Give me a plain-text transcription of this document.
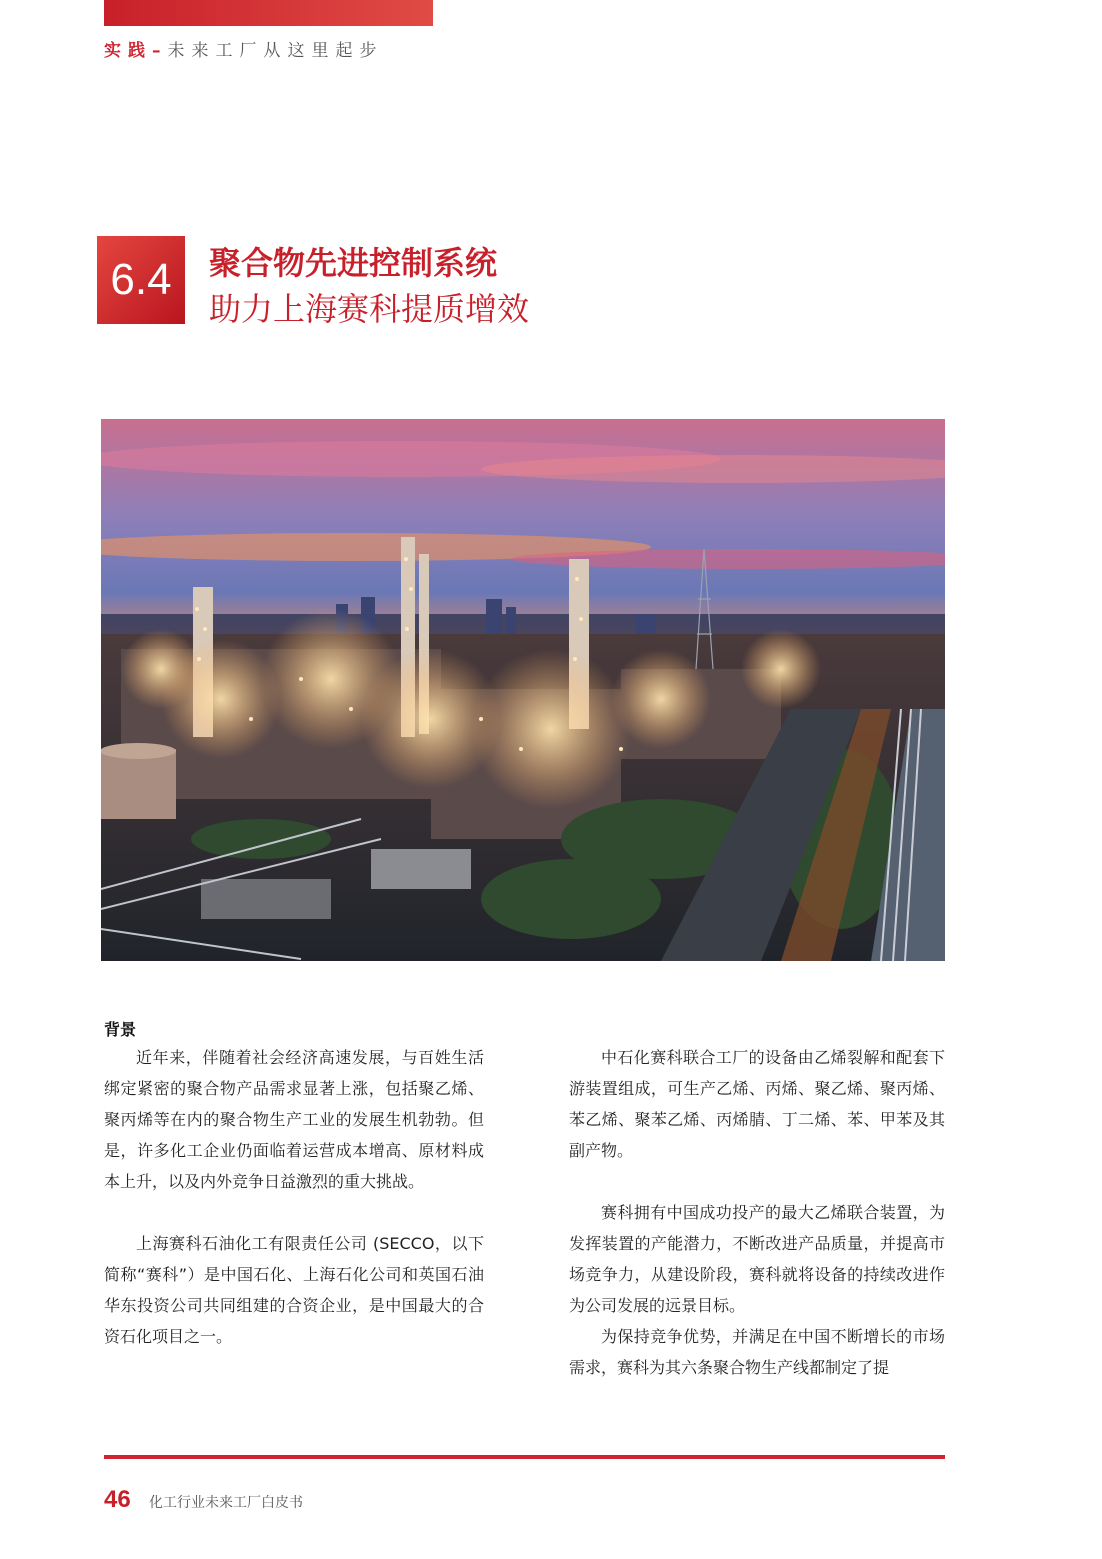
实践–未来工厂从这里起步
6.4	聚合物先进控制系统
助力上海赛科提质增效
背景

近年来，伴随着社会经济高速发展，与百姓生活绑定紧密的聚合物产品需求显著上涨，包括聚乙烯、聚丙烯等在内的聚合物生产工业的发展生机勃勃。但是，许多化工企业仍面临着运营成本增高、原材料成本上升，以及内外竞争日益激烈的重大挑战。

上海赛科石油化工有限责任公司 (SECCO，以下简称“赛科”）是中国石化、上海石化公司和英国石油华东投资公司共同组建的合资企业，是中国最大的合资石化项目之一。

中石化赛科联合工厂的设备由乙烯裂解和配套下游装置组成，可生产乙烯、丙烯、聚乙烯、聚丙烯、苯乙烯、聚苯乙烯、丙烯腈、丁二烯、苯、甲苯及其副产物。

赛科拥有中国成功投产的最大乙烯联合装置，为发挥装置的产能潜力，不断改进产品质量，并提高市场竞争力，从建设阶段，赛科就将设备的持续改进作为公司发展的远景目标。

为保持竞争优势，并满足在中国不断增长的市场需求，赛科为其六条聚合物生产线都制定了提

46 化工行业未来工厂白皮书
